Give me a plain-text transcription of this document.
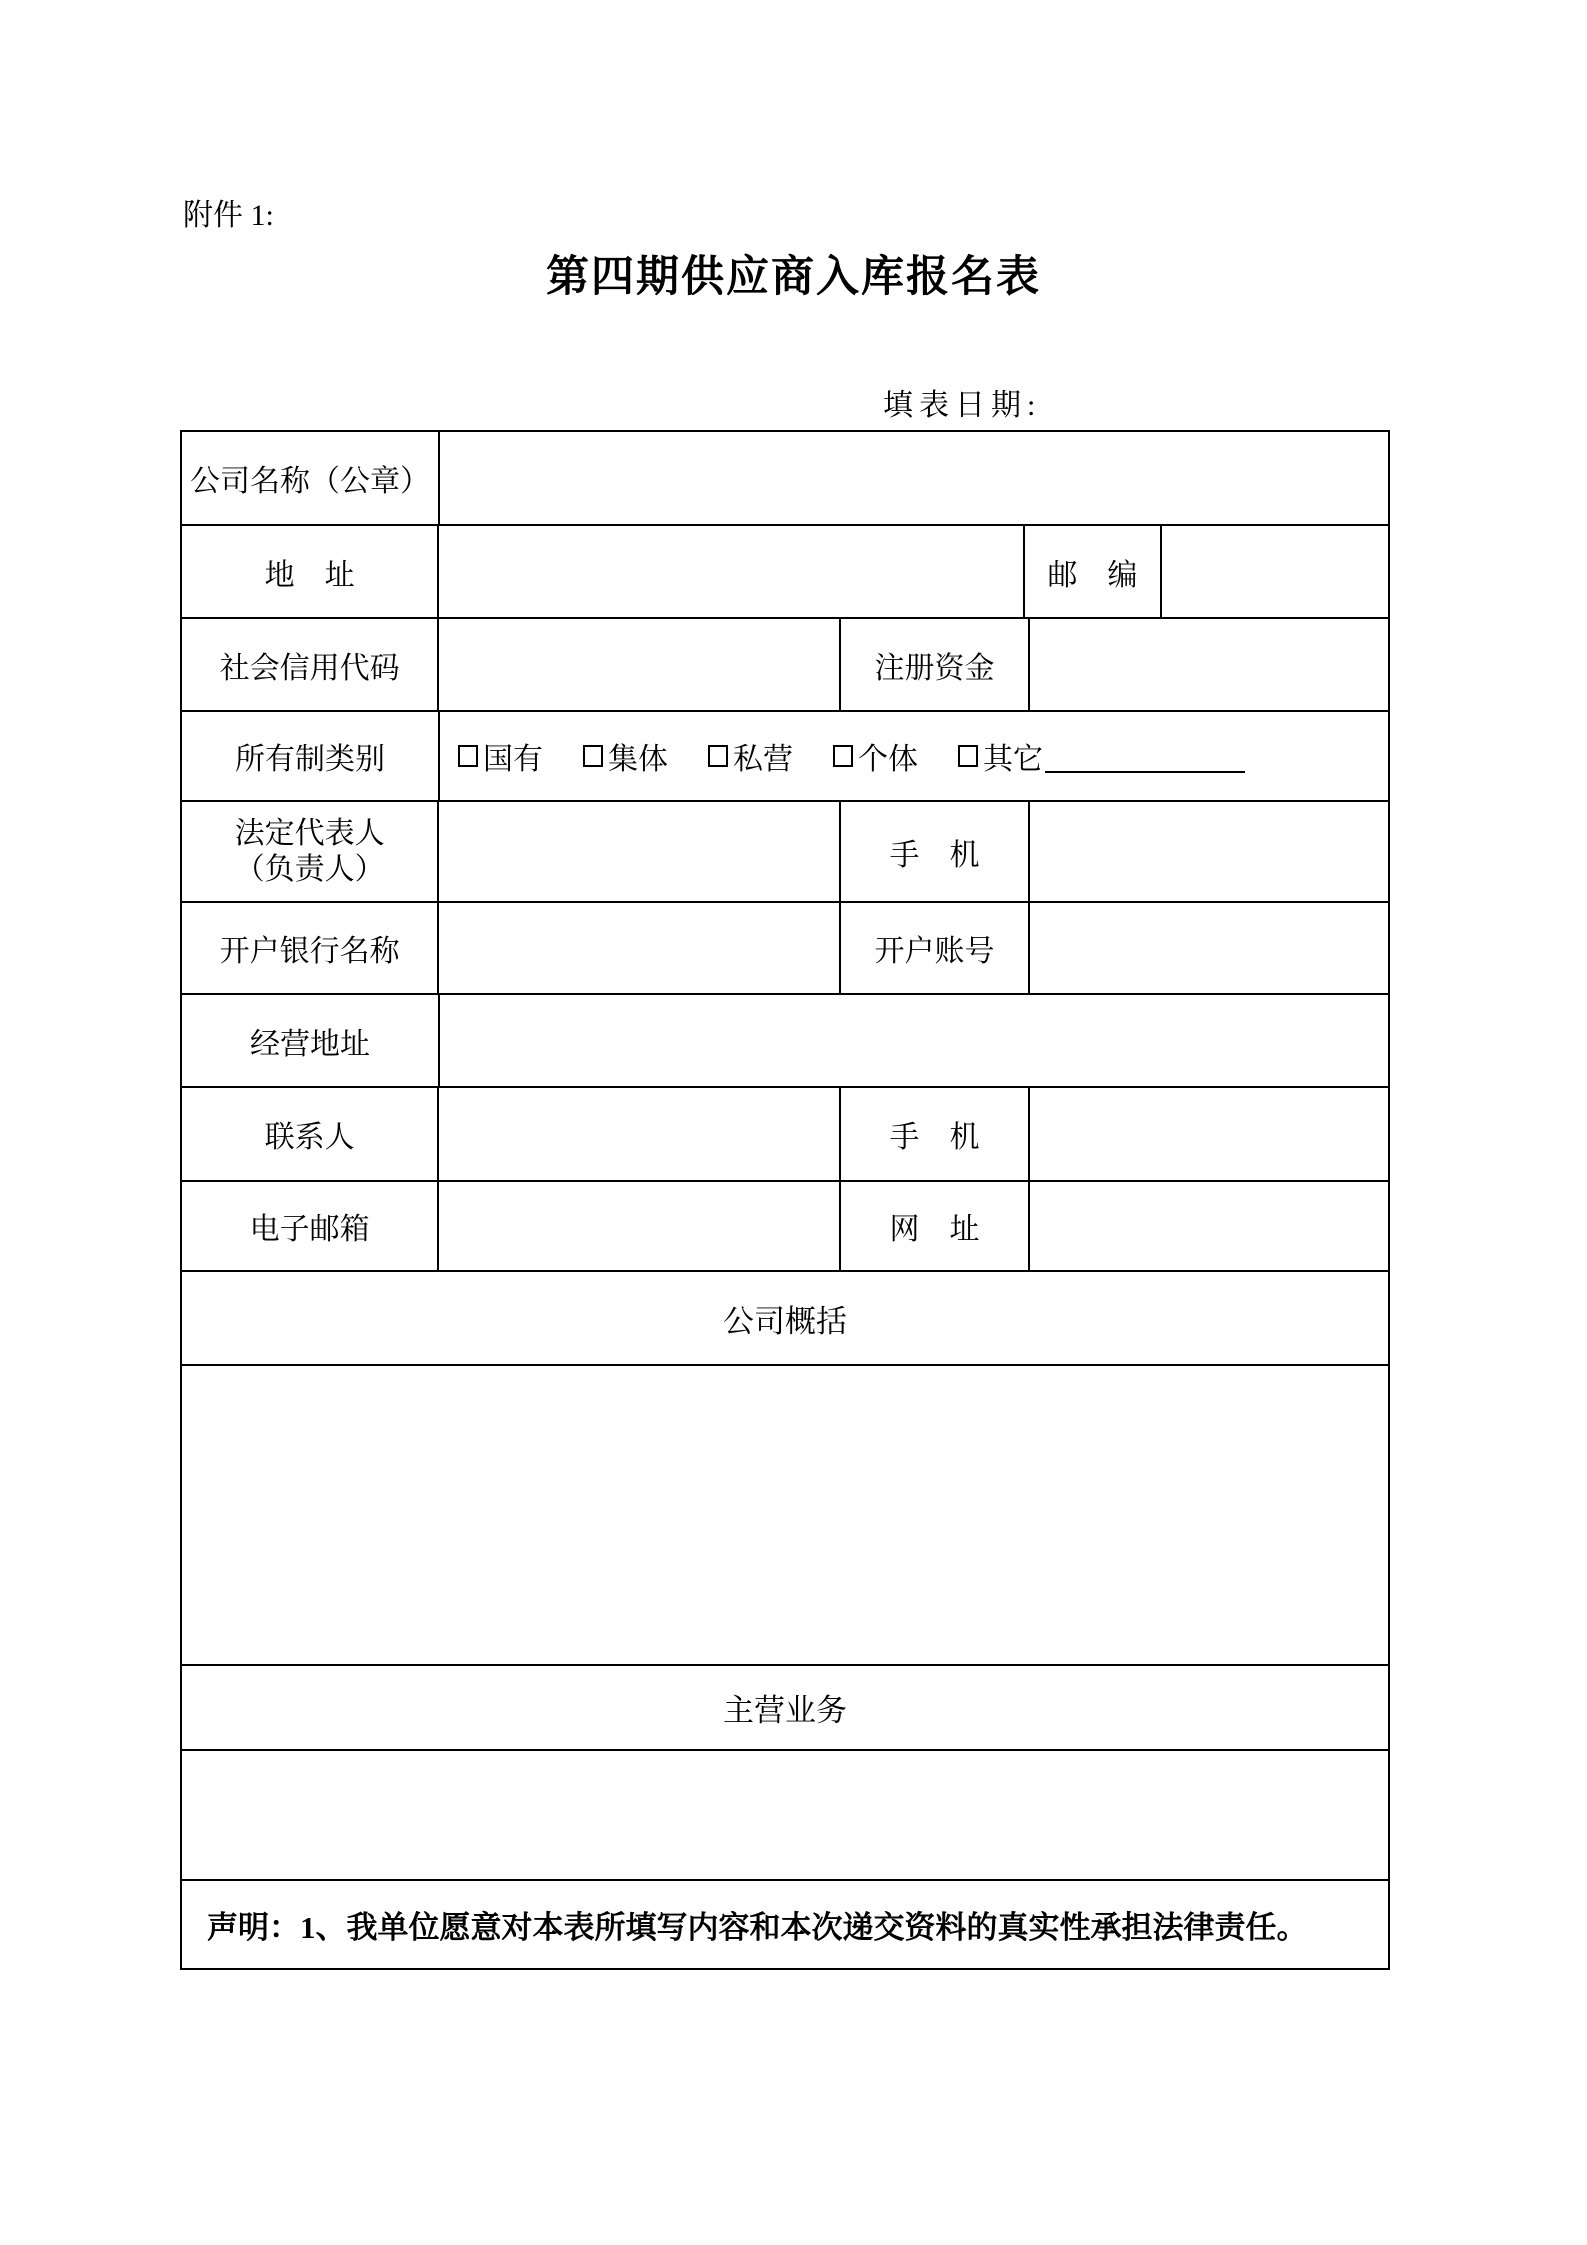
附件 1:
第四期供应商入库报名表
填表日期:
公司名称（公章）
地　址	邮　编
社会信用代码	注册资金
所有制类别	国有 集体 私营 个体 其它
法定代表人
（负责人）	手　机
开户银行名称	开户账号
经营地址
联系人	手　机
电子邮箱	网　址
公司概括
主营业务
声明：1、我单位愿意对本表所填写内容和本次递交资料的真实性承担法律责任。
